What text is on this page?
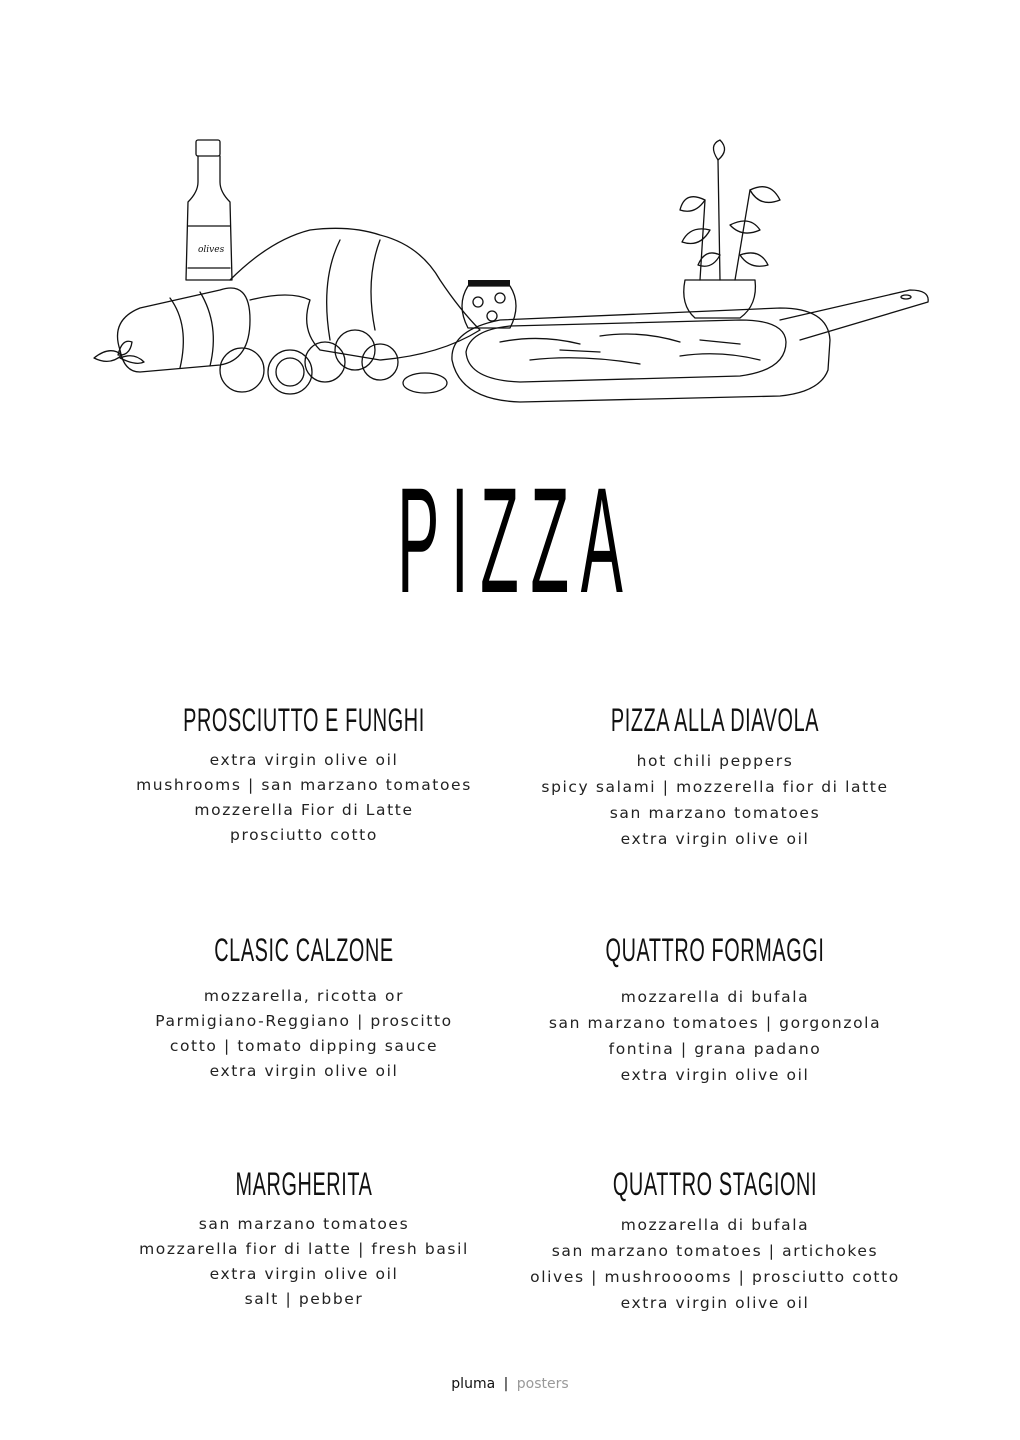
olives
PIZZA
PROSCIUTTO E FUNGHI
extra virgin olive oil
mushrooms | san marzano tomatoes
mozzerella Fior di Latte
prosciutto cotto
PIZZA ALLA DIAVOLA
hot chili peppers
spicy salami | mozzerella fior di latte
san marzano tomatoes
extra virgin olive oil
CLASIC CALZONE
mozzarella, ricotta or
Parmigiano-Reggiano | proscitto
cotto | tomato dipping sauce
extra virgin olive oil
QUATTRO FORMAGGI
mozzarella di bufala
san marzano tomatoes | gorgonzola
fontina | grana padano
extra virgin olive oil
MARGHERITA
san marzano tomatoes
mozzarella fior di latte | fresh basil
extra virgin olive oil
salt | pebber
QUATTRO STAGIONI
mozzarella di bufala
san marzano tomatoes | artichokes
olives | mushrooooms | prosciutto cotto
extra virgin olive oil
pluma | posters
